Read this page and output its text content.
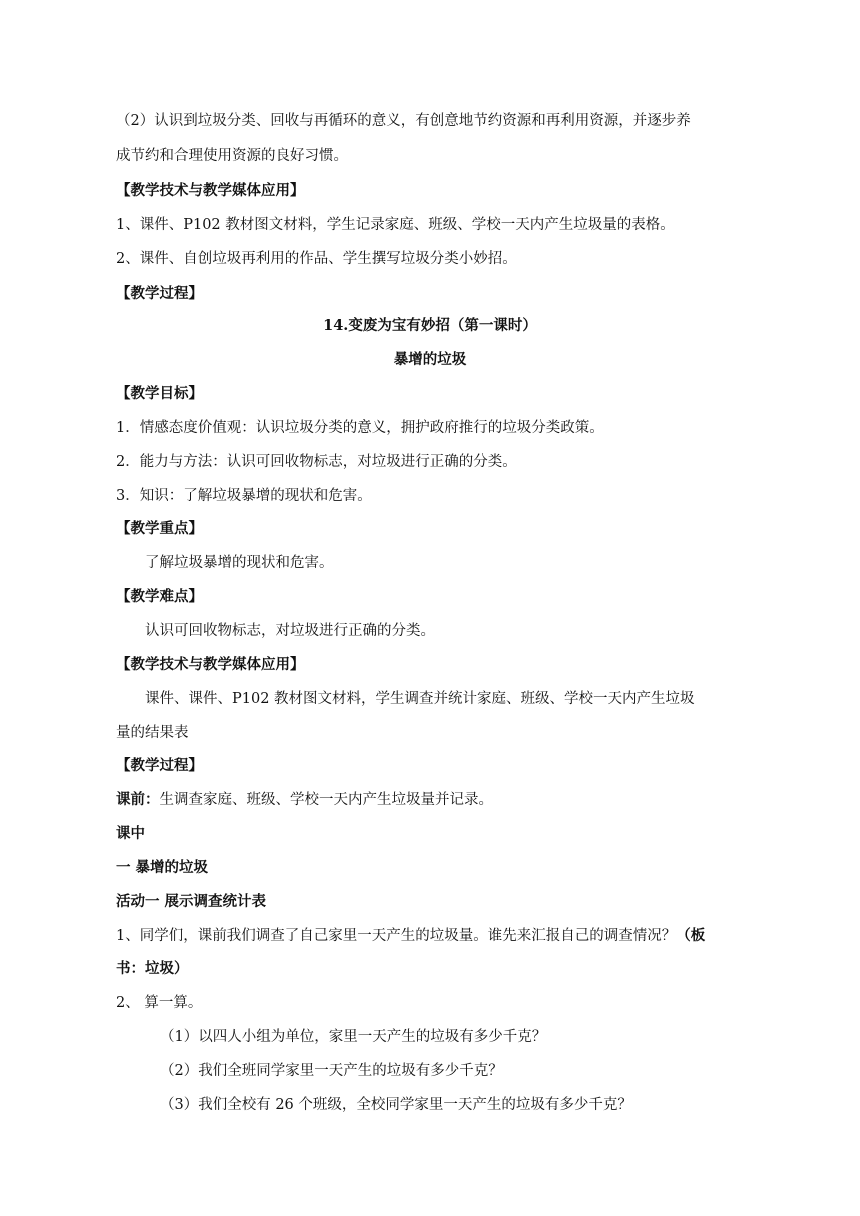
（2）认识到垃圾分类、回收与再循环的意义，有创意地节约资源和再利用资源，并逐步养
成节约和合理使用资源的良好习惯。
【教学技术与教学媒体应用】
1、课件、P102 教材图文材料，学生记录家庭、班级、学校一天内产生垃圾量的表格。
2、课件、自创垃圾再利用的作品、学生撰写垃圾分类小妙招。
【教学过程】
14.变废为宝有妙招（第一课时）
暴增的垃圾
【教学目标】
1．情感态度价值观：认识垃圾分类的意义，拥护政府推行的垃圾分类政策。
2．能力与方法：认识可回收物标志，对垃圾进行正确的分类。
3．知识：了解垃圾暴增的现状和危害。
【教学重点】
了解垃圾暴增的现状和危害。
【教学难点】
认识可回收物标志，对垃圾进行正确的分类。
【教学技术与教学媒体应用】
课件、课件、P102 教材图文材料，学生调查并统计家庭、班级、学校一天内产生垃圾
量的结果表
【教学过程】
课前：生调查家庭、班级、学校一天内产生垃圾量并记录。
课中
一 暴增的垃圾
活动一 展示调查统计表
1、同学们，课前我们调查了自己家里一天产生的垃圾量。谁先来汇报自己的调查情况？（板
书：垃圾）
2、 算一算。
（1）以四人小组为单位，家里一天产生的垃圾有多少千克？
（2）我们全班同学家里一天产生的垃圾有多少千克？
（3）我们全校有 26 个班级，全校同学家里一天产生的垃圾有多少千克？
